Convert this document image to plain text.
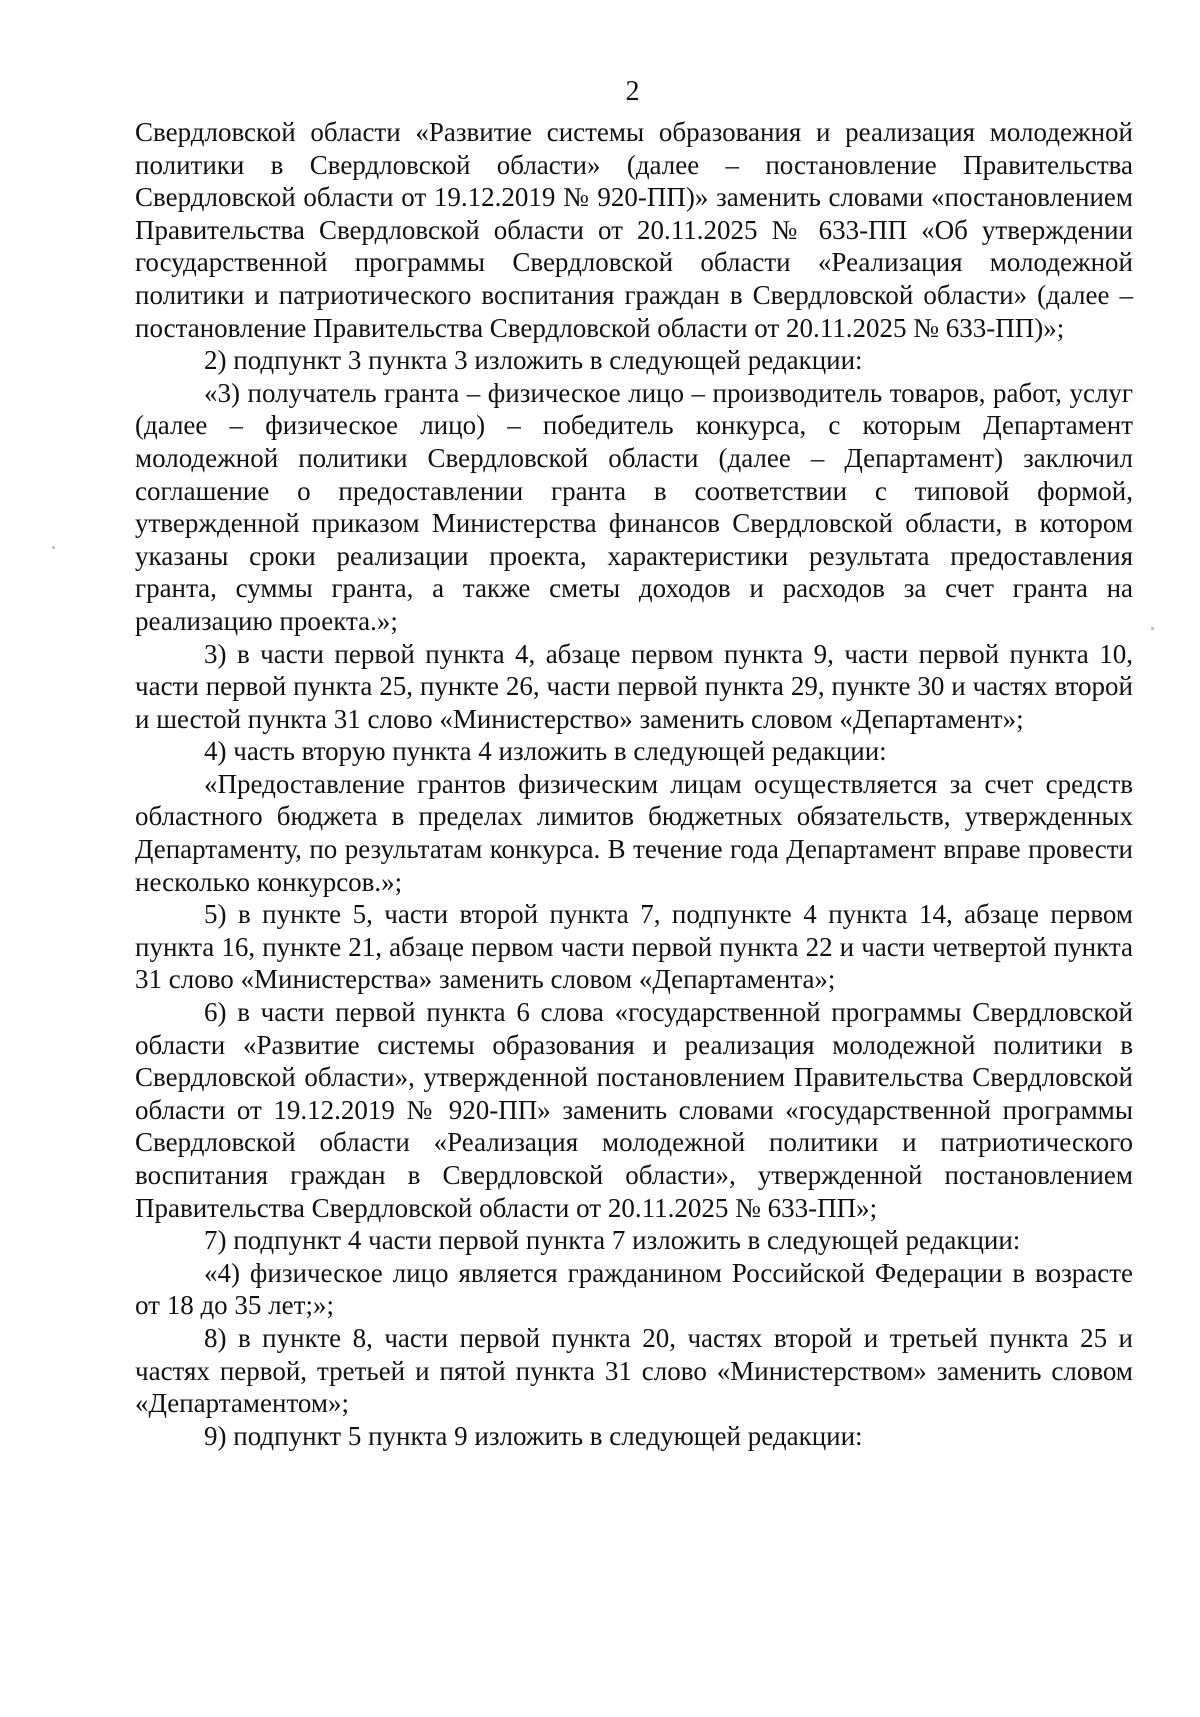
2

Свердловской области «Развитие системы образования и реализация молодежной политики в Свердловской области» (далее – постановление Правительства Свердловской области от 19.12.2019 № 920-ПП)» заменить словами «постановлением Правительства Свердловской области от 20.11.2025 № 633-ПП «Об утверждении государственной программы Свердловской области «Реализация молодежной политики и патриотического воспитания граждан в Свердловской области» (далее – постановление Правительства Свердловской области от 20.11.2025 № 633-ПП)»;

2) подпункт 3 пункта 3 изложить в следующей редакции:

«3) получатель гранта – физическое лицо – производитель товаров, работ, услуг (далее – физическое лицо) – победитель конкурса, с которым Департамент молодежной политики Свердловской области (далее – Департамент) заключил соглашение о предоставлении гранта в соответствии с типовой формой, утвержденной приказом Министерства финансов Свердловской области, в котором указаны сроки реализации проекта, характеристики результата предоставления гранта, суммы гранта, а также сметы доходов и расходов за счет гранта на реализацию проекта.»;

3) в части первой пункта 4, абзаце первом пункта 9, части первой пункта 10, части первой пункта 25, пункте 26, части первой пункта 29, пункте 30 и частях второй и шестой пункта 31 слово «Министерство» заменить словом «Департамент»;

4) часть вторую пункта 4 изложить в следующей редакции:

«Предоставление грантов физическим лицам осуществляется за счет средств областного бюджета в пределах лимитов бюджетных обязательств, утвержденных Департаменту, по результатам конкурса. В течение года Департамент вправе провести несколько конкурсов.»;

5) в пункте 5, части второй пункта 7, подпункте 4 пункта 14, абзаце первом пункта 16, пункте 21, абзаце первом части первой пункта 22 и части четвертой пункта 31 слово «Министерства» заменить словом «Департамента»;

6) в части первой пункта 6 слова «государственной программы Свердловской области «Развитие системы образования и реализация молодежной политики в Свердловской области», утвержденной постановлением Правительства Свердловской области от 19.12.2019 № 920-ПП» заменить словами «государственной программы Свердловской области «Реализация молодежной политики и патриотического воспитания граждан в Свердловской области», утвержденной постановлением Правительства Свердловской области от 20.11.2025 № 633-ПП»;

7) подпункт 4 части первой пункта 7 изложить в следующей редакции:

«4) физическое лицо является гражданином Российской Федерации в возрасте от 18 до 35 лет;»;

8) в пункте 8, части первой пункта 20, частях второй и третьей пункта 25 и частях первой, третьей и пятой пункта 31 слово «Министерством» заменить словом «Департаментом»;

9) подпункт 5 пункта 9 изложить в следующей редакции:
